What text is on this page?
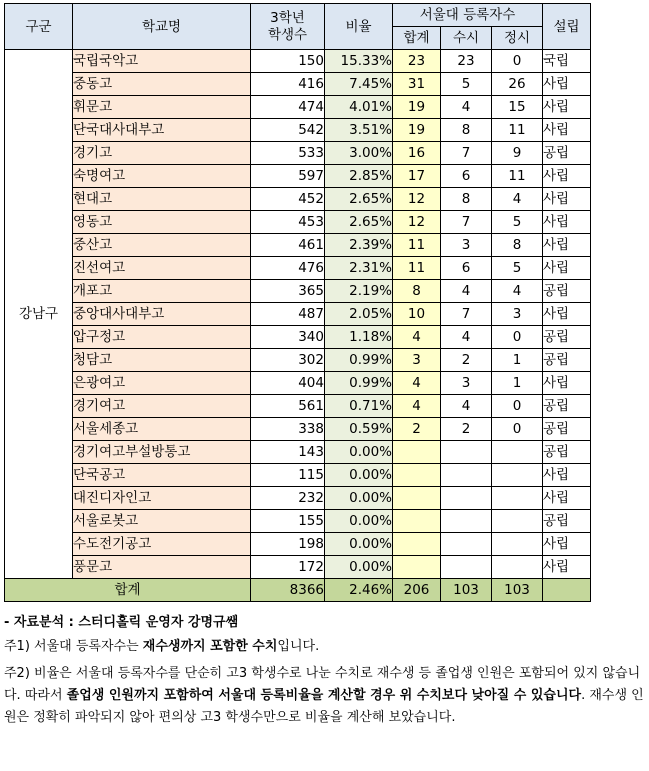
구군	학교명	3학년
학생수	비율	서울대 등록자수			설립
				합계	수시	정시	
강남구	국립국악고	150	15.33%	23	23	0	국립
	중동고	416	7.45%	31	5	26	사립
	휘문고	474	4.01%	19	4	15	사립
	단국대사대부고	542	3.51%	19	8	11	사립
	경기고	533	3.00%	16	7	9	공립
	숙명여고	597	2.85%	17	6	11	사립
	현대고	452	2.65%	12	8	4	사립
	영동고	453	2.65%	12	7	5	사립
	중산고	461	2.39%	11	3	8	사립
	진선여고	476	2.31%	11	6	5	사립
	개포고	365	2.19%	8	4	4	공립
	중앙대사대부고	487	2.05%	10	7	3	사립
	압구정고	340	1.18%	4	4	0	공립
	청담고	302	0.99%	3	2	1	공립
	은광여고	404	0.99%	4	3	1	사립
	경기여고	561	0.71%	4	4	0	공립
	서울세종고	338	0.59%	2	2	0	공립
	경기여고부설방통고	143	0.00%				공립
	단국공고	115	0.00%				사립
	대진디자인고	232	0.00%				사립
	서울로봇고	155	0.00%				공립
	수도전기공고	198	0.00%				사립
	풍문고	172	0.00%				사립
합계		8366	2.46%	206	103	103	
- 자료분석 : 스터디홀릭 운영자 강명규쌤
주1) 서울대 등록자수는 재수생까지 포함한 수치입니다.
주2) 비율은 서울대 등록자수를 단순히 고3 학생수로 나눈 수치로 재수생 등 졸업생 인원은 포함되어 있지 않습니다. 따라서 졸업생 인원까지 포함하여 서울대 등록비율을 계산할 경우 위 수치보다 낮아질 수 있습니다. 재수생 인원은 정확히 파악되지 않아 편의상 고3 학생수만으로 비율을 계산해 보았습니다.
